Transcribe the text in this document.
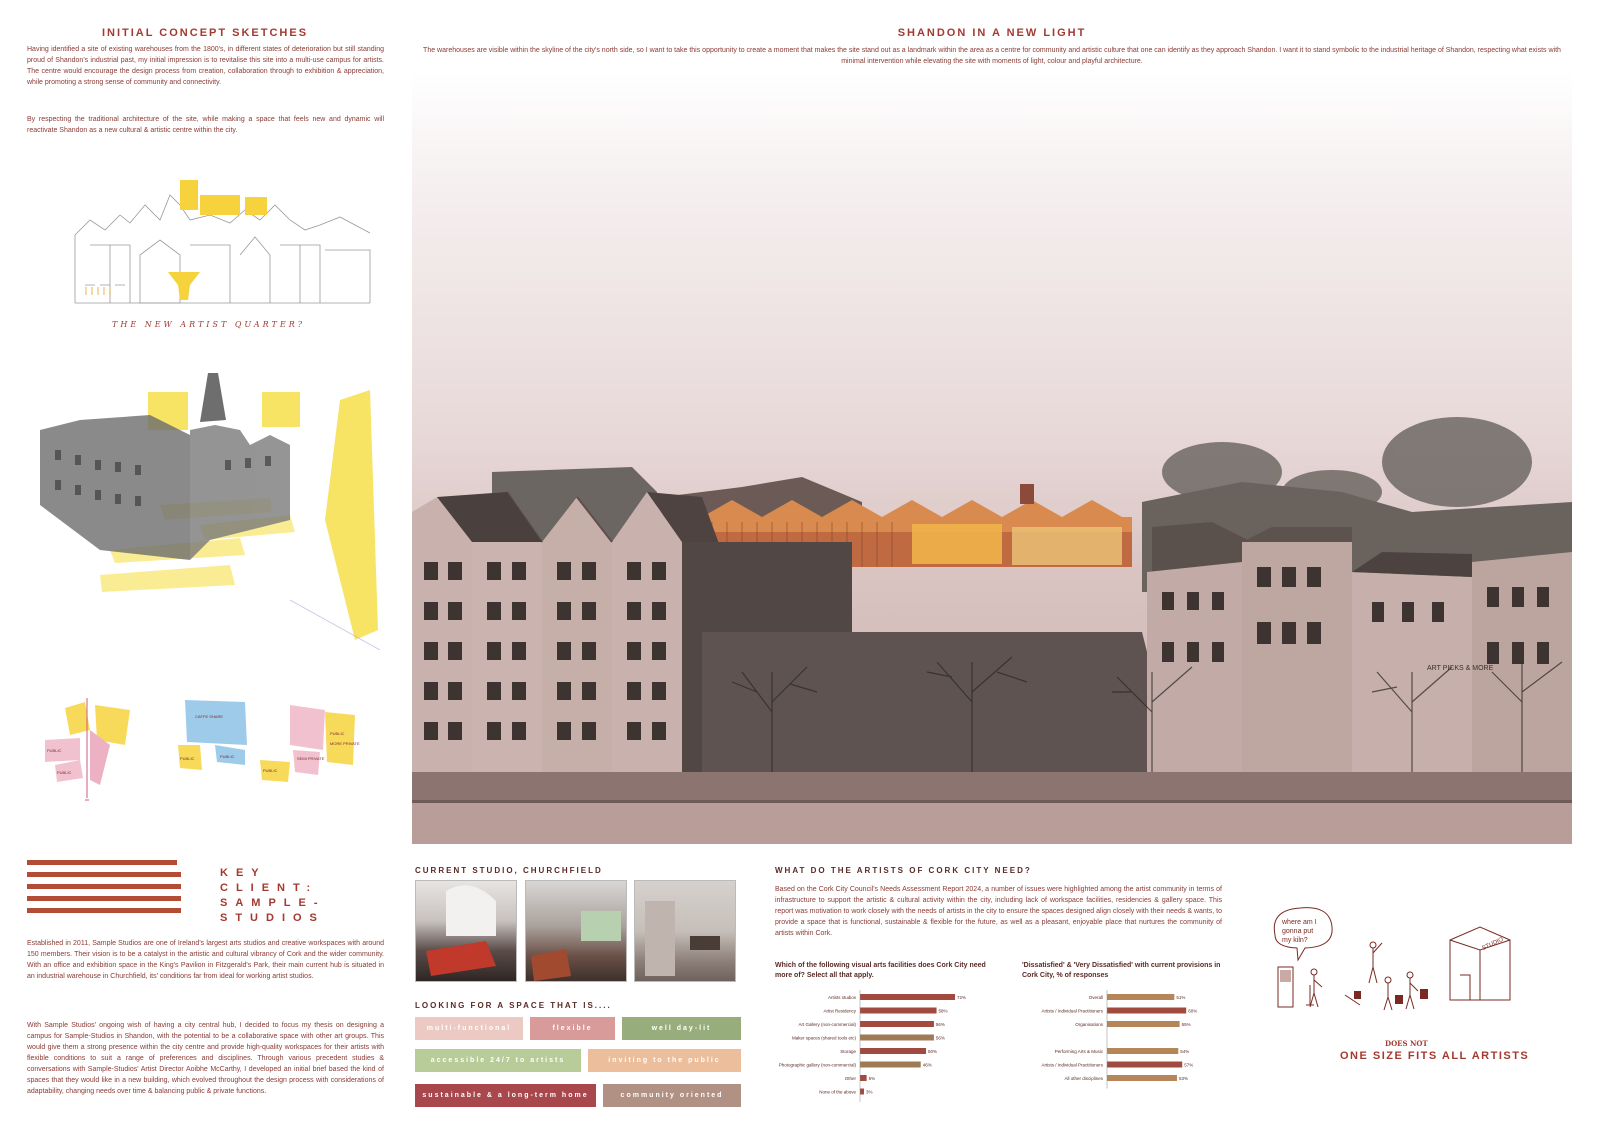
INITIAL CONCEPT SKETCHES
Having identified a site of existing warehouses from the 1800's, in different states of deterioration but still standing proud of Shandon's industrial past, my initial impression is to revitalise this site into a multi-use campus for artists. The centre would encourage the design process from creation, collaboration through to exhibition & appreciation, while promoting a strong sense of community and connectivity.
By respecting the traditional architecture of the site, while making a space that feels new and dynamic will reactivate Shandon as a new cultural & artistic centre within the city.
THE NEW ARTIST QUARTER?
PUBLIC
PUBLIC
CAFFE SHARE
PUBLIC	PUBLIC	SEMI PRIVATE
PUBLIC
MORE PRIVATE
PUBLIC
SHANDON IN A NEW LIGHT
The warehouses are visible within the skyline of the city's north side, so I want to take this opportunity to create a moment that makes the site stand out as a landmark within the area as a centre for community and artistic culture that one can identify as they approach Shandon. I want it to stand symbolic to the industrial heritage of Shandon, respecting what exists with minimal intervention while elevating the site with moments of light, colour and playful architecture.
ART PICKS & MORE
KEY
CLIENT:
SAMPLE-
STUDIOS
Established in 2011, Sample Studios are one of Ireland's largest arts studios and creative workspaces with around 150 members. Their vision is to be a catalyst in the artistic and cultural vibrancy of Cork and the wider community. With an office and exhibition space in the King's Pavilion in Fitzgerald's Park, their main current hub is situated in an industrial warehouse in Churchfield, its' conditions far from ideal for working artist studios.
With Sample Studios' ongoing wish of having a city central hub, I decided to focus my thesis on designing a campus for Sample-Studios in Shandon, with the potential to be a collaborative space with other art groups. This would give them a strong presence within the city centre and provide high-quality workspaces for their artists with flexible conditions to suit a range of preferences and disciplines. Through various precedent studies & conversations with Sample-Studios' Artist Director Aoibhe McCarthy, I developed an initial brief based the kind of spaces that they would like in a new building, which evolved throughout the design process with considerations of adaptability, changing needs over time & balancing public & private functions.
CURRENT STUDIO, CHURCHFIELD
LOOKING FOR A SPACE THAT IS....
multi-functional	flexible	well day-lit
accessible 24/7 to artists	inviting to the public
sustainable & a long-term home	community oriented
WHAT DO THE ARTISTS OF CORK CITY NEED?
Based on the Cork City Council's Needs Assessment Report 2024, a number of issues were highlighted among the artist community in terms of infrastructure to support the artistic & cultural activity within the city, including lack of workspace facilities, residencies & gallery space. This report was motivation to work closely with the needs of artists in the city to ensure the spaces designed align closely with their needs & wants, to provide a space that is functional, sustainable & flexible for the future, as well as a pleasant, enjoyable place that nurtures the community of artists within Cork.
Which of the following visual arts facilities does Cork City need more of? Select all that apply.
Artists studios	72%
Artist Residency	58%
Art Gallery (non-commercial)	56%
Maker spaces (shared tools etc)	56%
Storage	50%
Photographic gallery (non-commercial)	46%
Other	5%
None of the above 3%
'Dissatisfied' & 'Very Dissatisfied' with current provisions in Cork City, % of responses
Overall	51%
Artists / Individual Practitioners	60%
Organisations	55%
Performing Arts & Music	54%
Artists / Individual Practitioners	57%
All other disciplines	53%
where am I gonna put my kiln?	STUDIO
DOES NOT
ONE SIZE FITS ALL ARTISTS
